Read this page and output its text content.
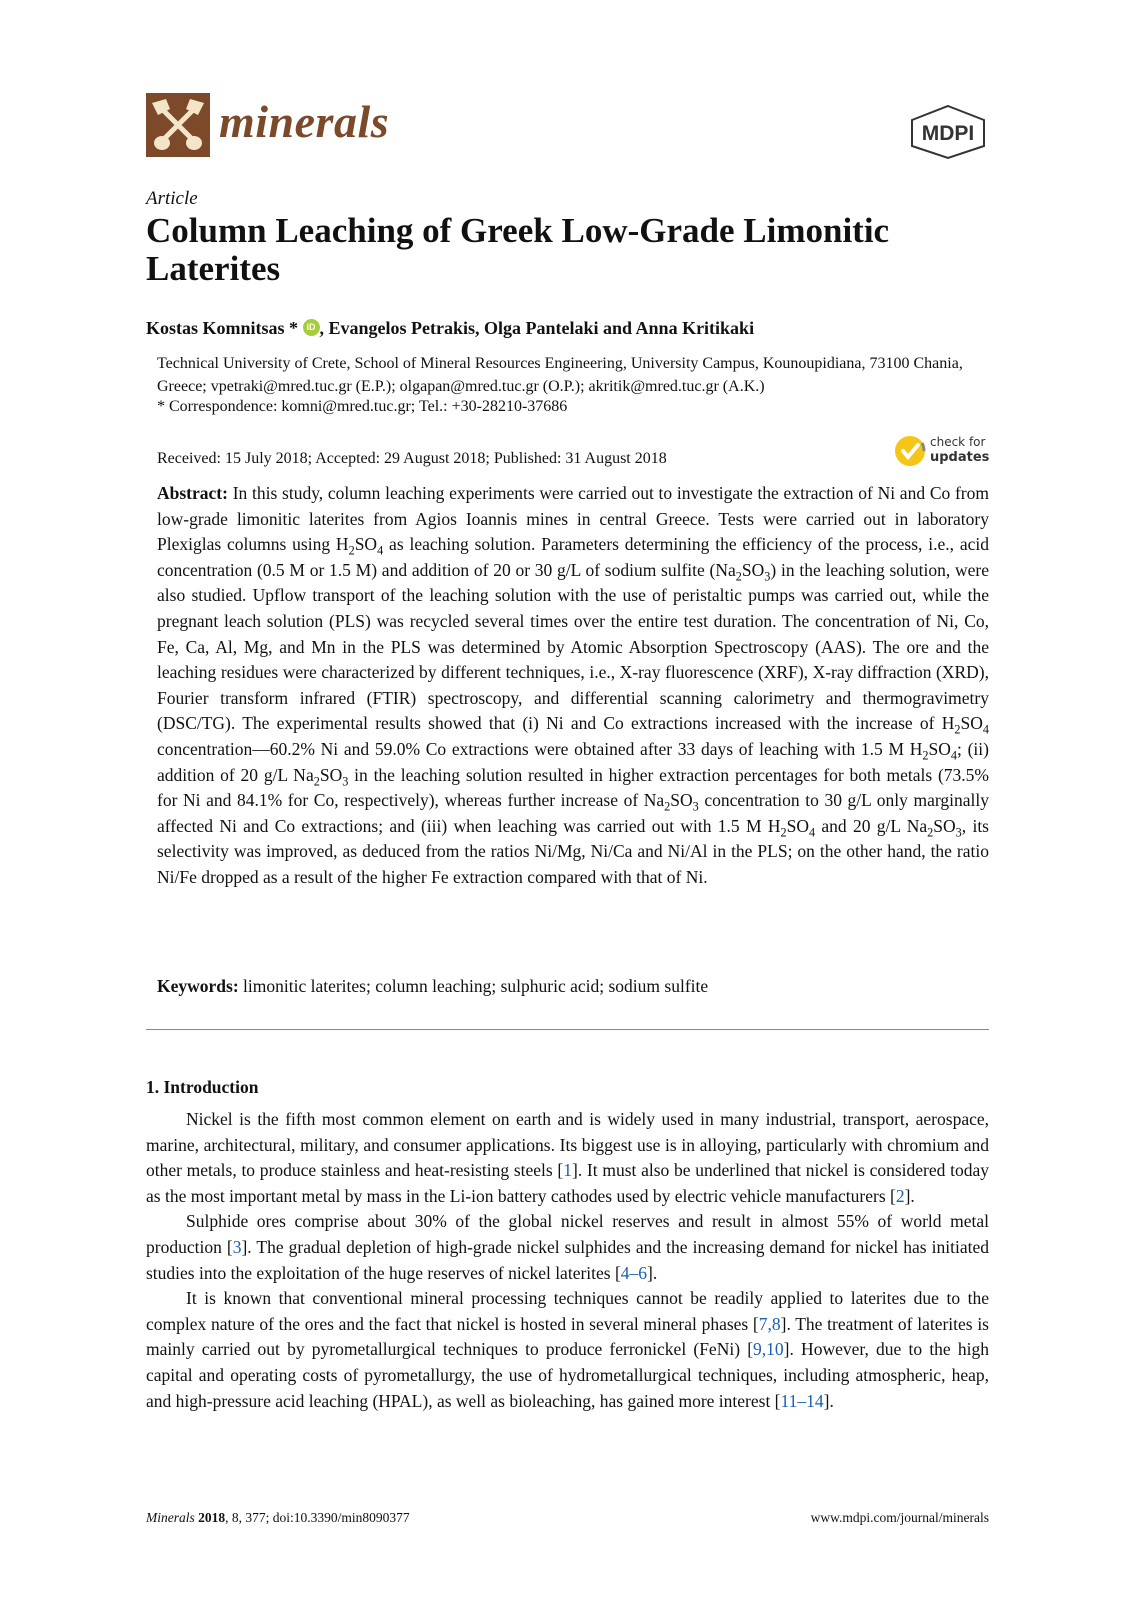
minerals	MDPI
Article
Column Leaching of Greek Low-Grade Limonitic Laterites
Kostas Komnitsas * iD , Evangelos Petrakis, Olga Pantelaki and Anna Kritikaki
Technical University of Crete, School of Mineral Resources Engineering, University Campus, Kounoupidiana, 73100 Chania, Greece; vpetraki@mred.tuc.gr (E.P.); olgapan@mred.tuc.gr (O.P.); akritik@mred.tuc.gr (A.K.)
* Correspondence: komni@mred.tuc.gr; Tel.: +30-28210-37686
Received: 15 July 2018; Accepted: 29 August 2018; Published: 31 August 2018
check for
updates
Abstract: In this study, column leaching experiments were carried out to investigate the extraction of Ni and Co from low-grade limonitic laterites from Agios Ioannis mines in central Greece. Tests were carried out in laboratory Plexiglas columns using $H_2SO_4$ as leaching solution. Parameters determining the efficiency of the process, i.e., acid concentration (0.5 M or 1.5 M) and addition of 20 or 30 g/L of sodium sulfite $(Na_2SO_3)$ in the leaching solution, were also studied. Upflow transport of the leaching solution with the use of peristaltic pumps was carried out, while the pregnant leach solution (PLS) was recycled several times over the entire test duration. The concentration of Ni, Co, Fe, Ca, Al, Mg, and Mn in the PLS was determined by Atomic Absorption Spectroscopy (AAS). The ore and the leaching residues were characterized by different techniques, i.e., X-ray fluorescence (XRF), X-ray diffraction (XRD), Fourier transform infrared (FTIR) spectroscopy, and differential scanning calorimetry and thermogravimetry (DSC/TG). The experimental results showed that (i) Ni and Co extractions increased with the increase of $H_2SO_4$ concentration—60.2% Ni and 59.0% Co extractions were obtained after 33 days of leaching with 1.5 M $H_2SO_4$; (ii) addition of 20 g/L $Na_2SO_3$ in the leaching solution resulted in higher extraction percentages for both metals (73.5% for Ni and 84.1% for Co, respectively), whereas further increase of $Na_2SO_3$ concentration to 30 g/L only marginally affected Ni and Co extractions; and (iii) when leaching was carried out with 1.5 M $H_2SO_4$ and 20 g/L $Na_2SO_3$, its selectivity was improved, as deduced from the ratios Ni/Mg, Ni/Ca and Ni/Al in the PLS; on the other hand, the ratio Ni/Fe dropped as a result of the higher Fe extraction compared with that of Ni.
Keywords: limonitic laterites; column leaching; sulphuric acid; sodium sulfite
1. Introduction

Nickel is the fifth most common element on earth and is widely used in many industrial, transport, aerospace, marine, architectural, military, and consumer applications. Its biggest use is in alloying, particularly with chromium and other metals, to produce stainless and heat-resisting steels [1]. It must also be underlined that nickel is considered today as the most important metal by mass in the Li-ion battery cathodes used by electric vehicle manufacturers [2].

Sulphide ores comprise about 30% of the global nickel reserves and result in almost 55% of world metal production [3]. The gradual depletion of high-grade nickel sulphides and the increasing demand for nickel has initiated studies into the exploitation of the huge reserves of nickel laterites [4–6].

It is known that conventional mineral processing techniques cannot be readily applied to laterites due to the complex nature of the ores and the fact that nickel is hosted in several mineral phases [7,8]. The treatment of laterites is mainly carried out by pyrometallurgical techniques to produce ferronickel (FeNi) [9,10]. However, due to the high capital and operating costs of pyrometallurgy, the use of hydrometallurgical techniques, including atmospheric, heap, and high-pressure acid leaching (HPAL), as well as bioleaching, has gained more interest [11–14].

Minerals 2018, 8, 377; doi:10.3390/min8090377	www.mdpi.com/journal/minerals
